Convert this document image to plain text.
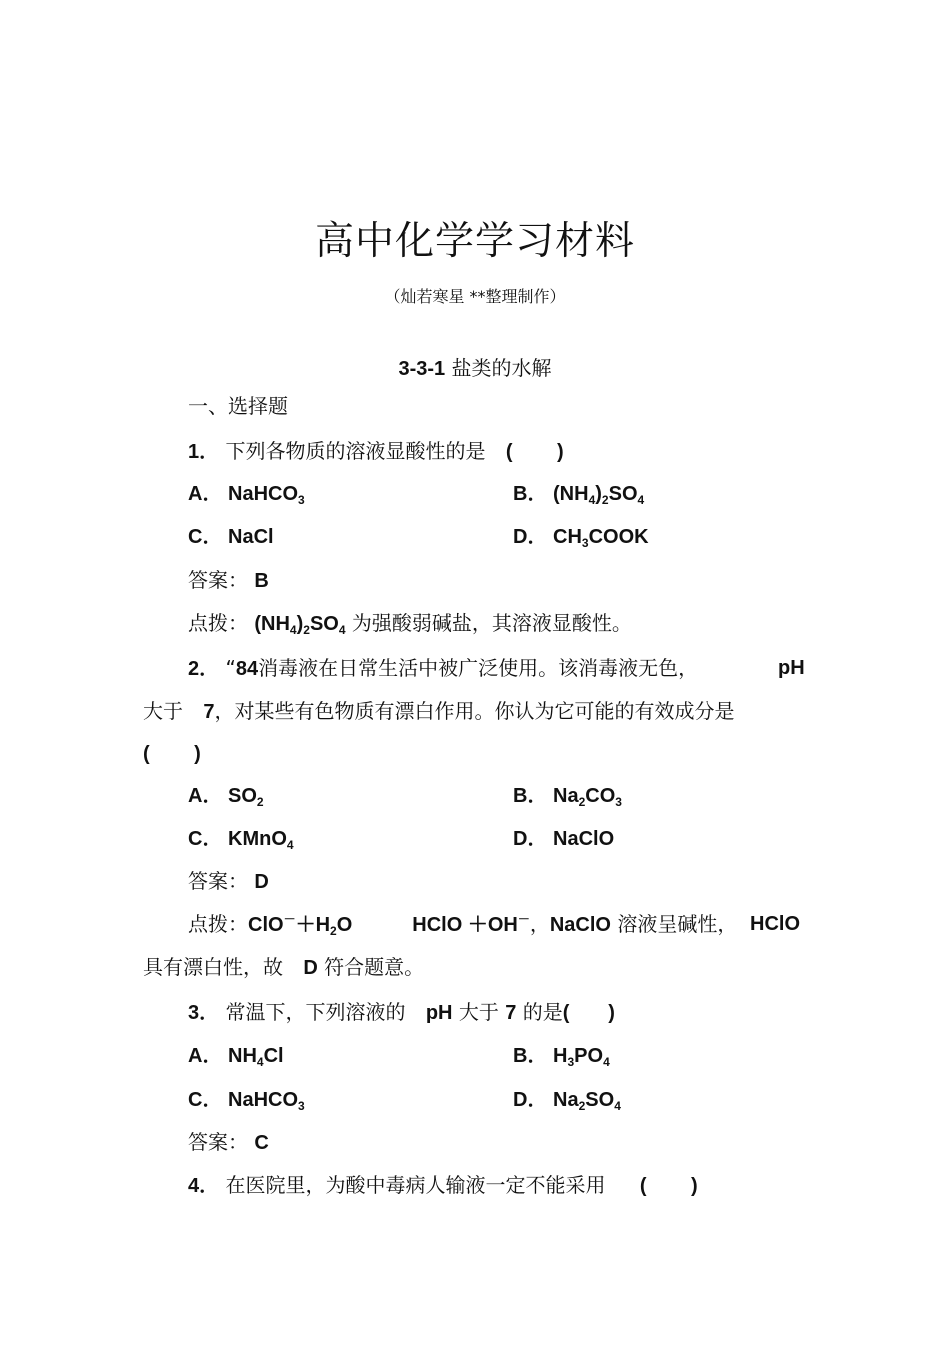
高中化学学习材料
（灿若寒星 **整理制作）
3-3-1 盐类的水解
一、选择题
1． 下列各物质的溶液显酸性的是 (        )
A． NaHCO$_3$	B． $(NH_4)_2SO_4$
C． NaCl	D． $CH_3COOK$
答案： B
点拨： $(NH_4)_2SO_4$ 为强酸弱碱盐，其溶液显酸性。
2． “84消毒液在日常生活中被广泛使用。该消毒液无色，	pH
大于 7，对某些有色物质有漂白作用。你认为它可能的有效成分是
(        )
A． $SO_2$	B． $Na_2CO_3$
C． KMnO$_4$	D． NaClO
答案： D
点拨：$ClO^-+H_2O$	HClO ＋OH－，NaClO 溶液呈碱性， HClO
具有漂白性，故 D 符合题意。
3． 常温下，下列溶液的 pH 大于 7 的是(       )
A． $NH_4Cl$	B． $H_3PO_4$
C． NaHCO$_3$	D． $Na_2SO_4$
答案： C
4． 在医院里，为酸中毒病人输液一定不能采用 (        )
